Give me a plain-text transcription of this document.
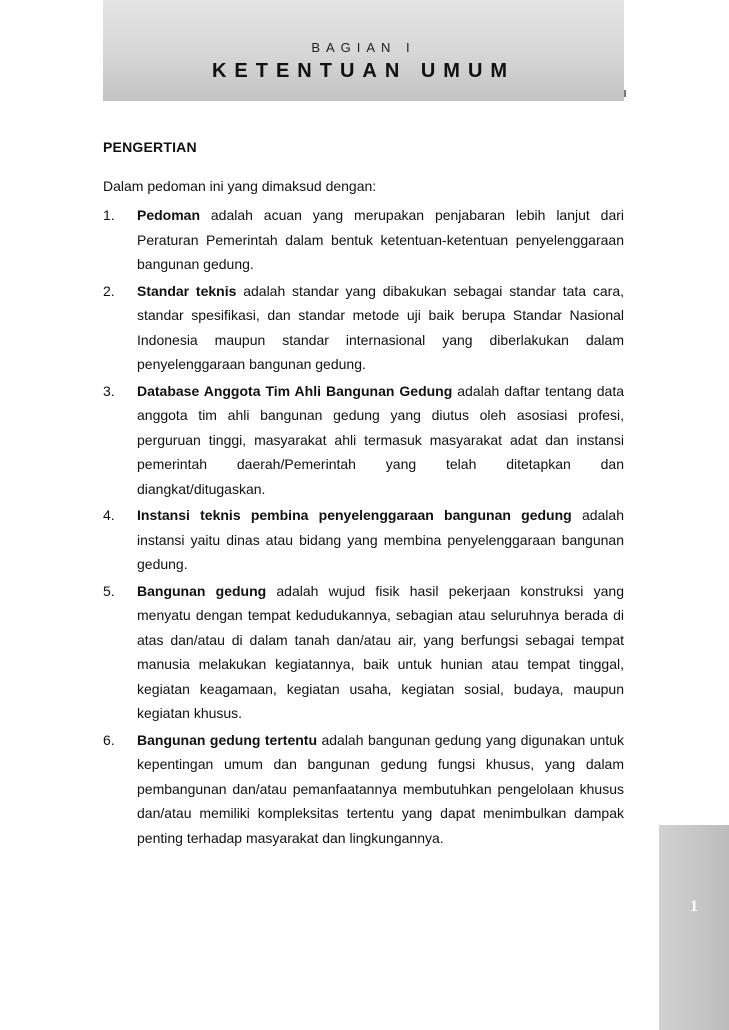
BAGIAN I
KETENTUAN UMUM
PENGERTIAN
Dalam pedoman ini yang dimaksud dengan:
1. Pedoman adalah acuan yang merupakan penjabaran lebih lanjut dari Peraturan Pemerintah dalam bentuk ketentuan-ketentuan penyelenggaraan bangunan gedung.

2. Standar teknis adalah standar yang dibakukan sebagai standar tata cara, standar spesifikasi, dan standar metode uji baik berupa Standar Nasional Indonesia maupun standar internasional yang diberlakukan dalam penyelenggaraan bangunan gedung.

3. Database Anggota Tim Ahli Bangunan Gedung adalah daftar tentang data anggota tim ahli bangunan gedung yang diutus oleh asosiasi profesi, perguruan tinggi, masyarakat ahli termasuk masyarakat adat dan instansi pemerintah daerah/Pemerintah yang telah ditetapkan dan diangkat/ditugaskan.

4. Instansi teknis pembina penyelenggaraan bangunan gedung adalah instansi yaitu dinas atau bidang yang membina penyelenggaraan bangunan gedung.

5. Bangunan gedung adalah wujud fisik hasil pekerjaan konstruksi yang menyatu dengan tempat kedudukannya, sebagian atau seluruhnya berada di atas dan/atau di dalam tanah dan/atau air, yang berfungsi sebagai tempat manusia melakukan kegiatannya, baik untuk hunian atau tempat tinggal, kegiatan keagamaan, kegiatan usaha, kegiatan sosial, budaya, maupun kegiatan khusus.

6. Bangunan gedung tertentu adalah bangunan gedung yang digunakan untuk kepentingan umum dan bangunan gedung fungsi khusus, yang dalam pembangunan dan/atau pemanfaatannya membutuhkan pengelolaan khusus dan/atau memiliki kompleksitas tertentu yang dapat menimbulkan dampak penting terhadap masyarakat dan lingkungannya.

1
